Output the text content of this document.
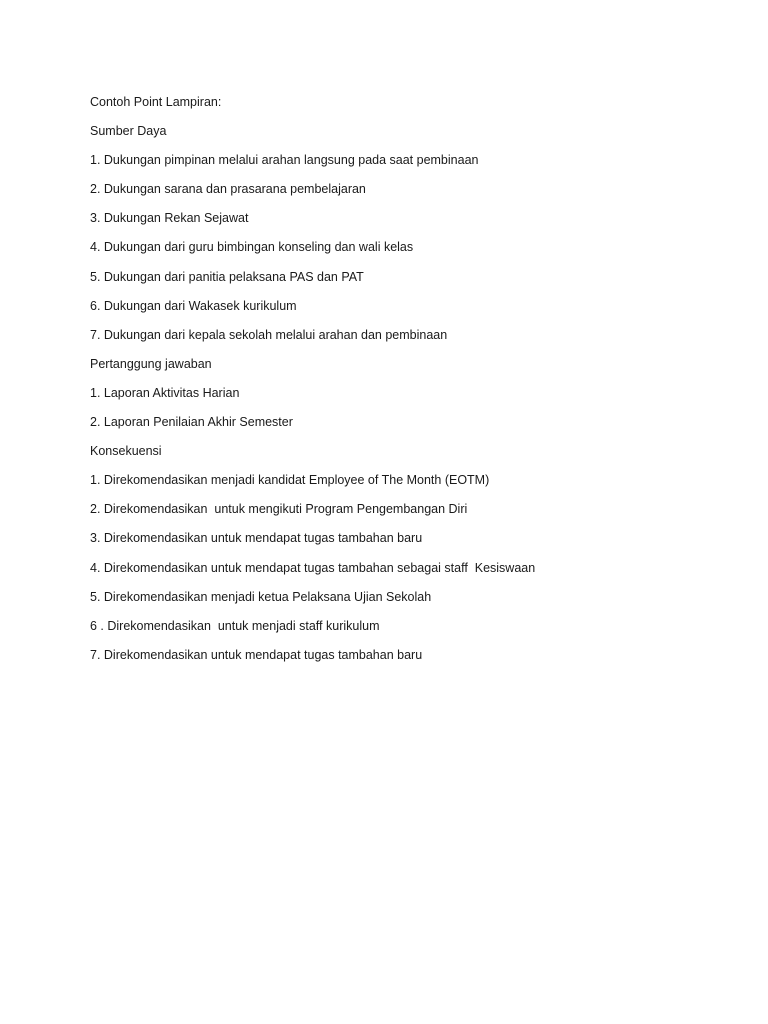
Contoh Point Lampiran:
Sumber Daya
1. Dukungan pimpinan melalui arahan langsung pada saat pembinaan
2. Dukungan sarana dan prasarana pembelajaran
3. Dukungan Rekan Sejawat
4. Dukungan dari guru bimbingan konseling dan wali kelas
5. Dukungan dari panitia pelaksana PAS dan PAT
6. Dukungan dari Wakasek kurikulum
7. Dukungan dari kepala sekolah melalui arahan dan pembinaan
Pertanggung jawaban
1. Laporan Aktivitas Harian
2. Laporan Penilaian Akhir Semester
Konsekuensi
1. Direkomendasikan menjadi kandidat Employee of The Month (EOTM)
2. Direkomendasikan  untuk mengikuti Program Pengembangan Diri
3. Direkomendasikan untuk mendapat tugas tambahan baru
4. Direkomendasikan untuk mendapat tugas tambahan sebagai staff  Kesiswaan
5. Direkomendasikan menjadi ketua Pelaksana Ujian Sekolah
6 . Direkomendasikan  untuk menjadi staff kurikulum
7. Direkomendasikan untuk mendapat tugas tambahan baru
